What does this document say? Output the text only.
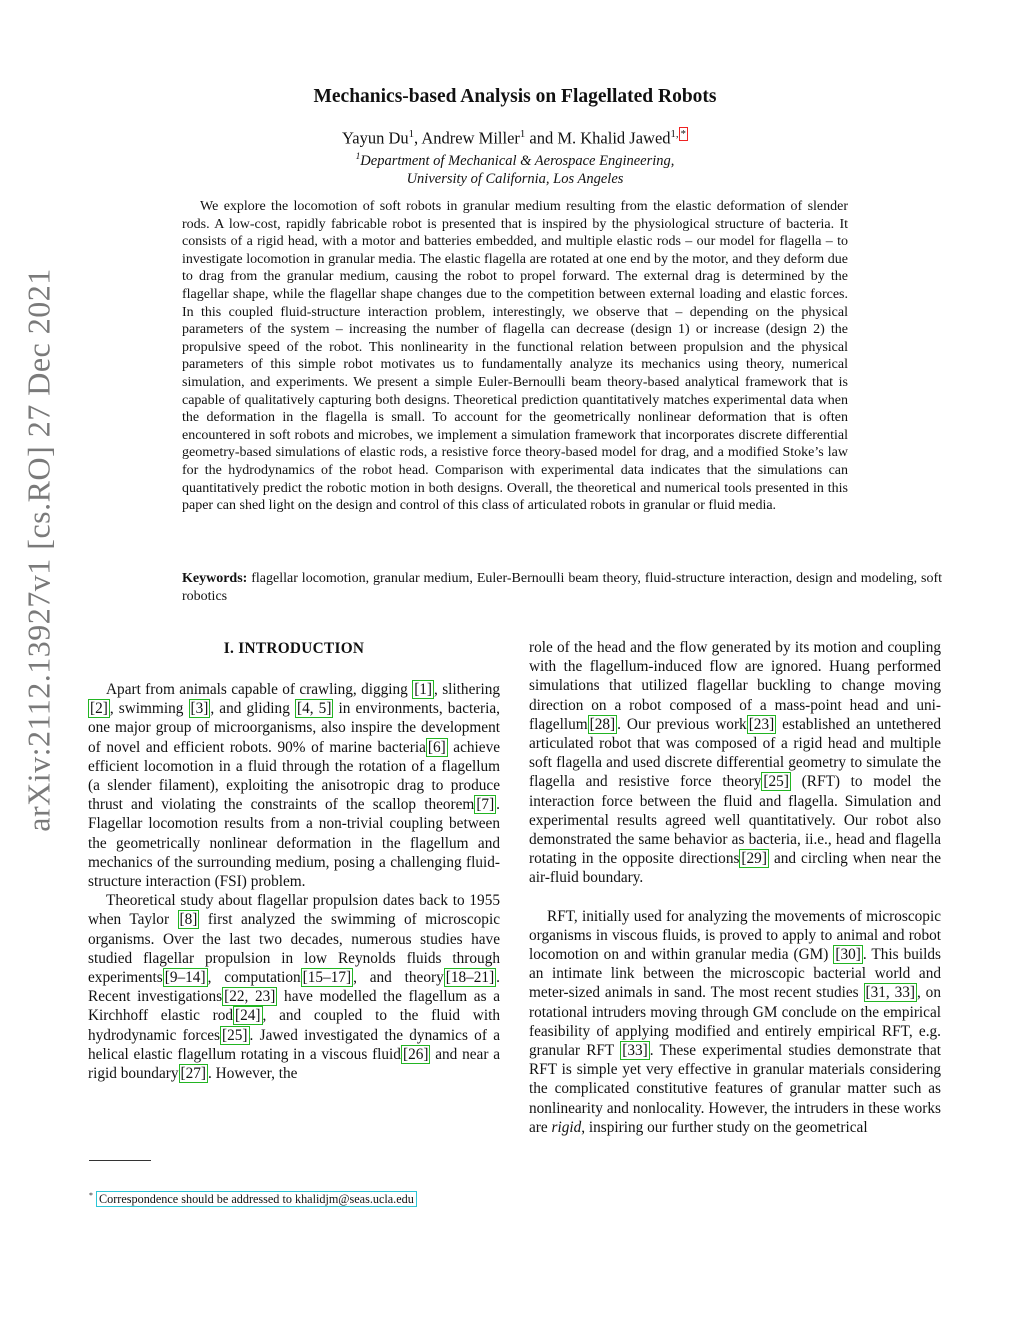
arXiv:2112.13927v1 [cs.RO] 27 Dec 2021
Mechanics-based Analysis on Flagellated Robots
Yayun Du$^1$, Andrew Miller$^1$ and M. Khalid Jawed$^{1,}$ *
$^1$Department of Mechanical & Aerospace Engineering,
University of California, Los Angeles
We explore the locomotion of soft robots in granular medium resulting from the elastic deformation of slender rods. A low-cost, rapidly fabricable robot is presented that is inspired by the physiological structure of bacteria. It consists of a rigid head, with a motor and batteries embedded, and multiple elastic rods – our model for flagella – to investigate locomotion in granular media. The elastic flagella are rotated at one end by the motor, and they deform due to drag from the granular medium, causing the robot to propel forward. The external drag is determined by the flagellar shape, while the flagellar shape changes due to the competition between external loading and elastic forces. In this coupled fluid-structure interaction problem, interestingly, we observe that – depending on the physical parameters of the system – increasing the number of flagella can decrease (design 1) or increase (design 2) the propulsive speed of the robot. This nonlinearity in the functional relation between propulsion and the physical parameters of this simple robot motivates us to fundamentally analyze its mechanics using theory, numerical simulation, and experiments. We present a simple Euler-Bernoulli beam theory-based analytical framework that is capable of qualitatively capturing both designs. Theoretical prediction quantitatively matches experimental data when the deformation in the flagella is small. To account for the geometrically nonlinear deformation that is often encountered in soft robots and microbes, we implement a simulation framework that incorporates discrete differential geometry-based simulations of elastic rods, a resistive force theory-based model for drag, and a modified Stoke’s law for the hydrodynamics of the robot head. Comparison with experimental data indicates that the simulations can quantitatively predict the robotic motion in both designs. Overall, the theoretical and numerical tools presented in this paper can shed light on the design and control of this class of articulated robots in granular or fluid media.
Keywords: flagellar locomotion, granular medium, Euler-Bernoulli beam theory, fluid-structure interaction, design and modeling, soft robotics
I. INTRODUCTION

Apart from animals capable of crawling, digging [1] , slithering [2] , swimming [3] , and gliding [4, 5] in environments, bacteria, one major group of microorganisms, also inspire the development of novel and efficient robots. 90% of marine bacteria [6] achieve efficient locomotion in a fluid through the rotation of a flagellum (a slender filament), exploiting the anisotropic drag to produce thrust and violating the constraints of the scallop theorem [7] . Flagellar locomotion results from a non-trivial coupling between the geometrically nonlinear deformation in the flagellum and mechanics of the surrounding medium, posing a challenging fluid-structure interaction (FSI) problem.

Theoretical study about flagellar propulsion dates back to 1955 when Taylor [8] first analyzed the swimming of microscopic organisms. Over the last two decades, numerous studies have studied flagellar propulsion in low Reynolds fluids through experiments [9–14] , computation [15–17] , and theory [18–21] . Recent investigations [22, 23] have modelled the flagellum as a Kirchhoff elastic rod [24] , and coupled to the fluid with hydrodynamic forces [25] . Jawed investigated the dynamics of a helical elastic flagellum rotating in a viscous fluid [26] and near a rigid boundary [27] . However, the

role of the head and the flow generated by its motion and coupling with the flagellum-induced flow are ignored. Huang performed simulations that utilized flagellar buckling to change moving direction on a robot composed of a mass-point head and uni-flagellum [28] . Our previous work [23] established an untethered articulated robot that was composed of a rigid head and multiple soft flagella and used discrete differential geometry to simulate the flagella and resistive force theory [25] (RFT) to model the interaction force between the fluid and flagella. Simulation and experimental results agreed well quantitatively. Our robot also demonstrated the same behavior as bacteria, ii.e., head and flagella rotating in the opposite directions [29] and circling when near the air-fluid boundary.

RFT, initially used for analyzing the movements of microscopic organisms in viscous fluids, is proved to apply to animal and robot locomotion on and within granular media (GM) [30] . This builds an intimate link between the microscopic bacterial world and meter-sized animals in sand. The most recent studies [31, 33] , on rotational intruders moving through GM conclude on the empirical feasibility of applying modified and entirely empirical RFT, e.g. granular RFT [33] . These experimental studies demonstrate that RFT is simple yet very effective in granular materials considering the complicated constitutive features of granular matter such as nonlinearity and nonlocality. However, the intruders in these works are rigid, inspiring our further study on the geometrical

* Correspondence should be addressed to khalidjm@seas.ucla.edu
